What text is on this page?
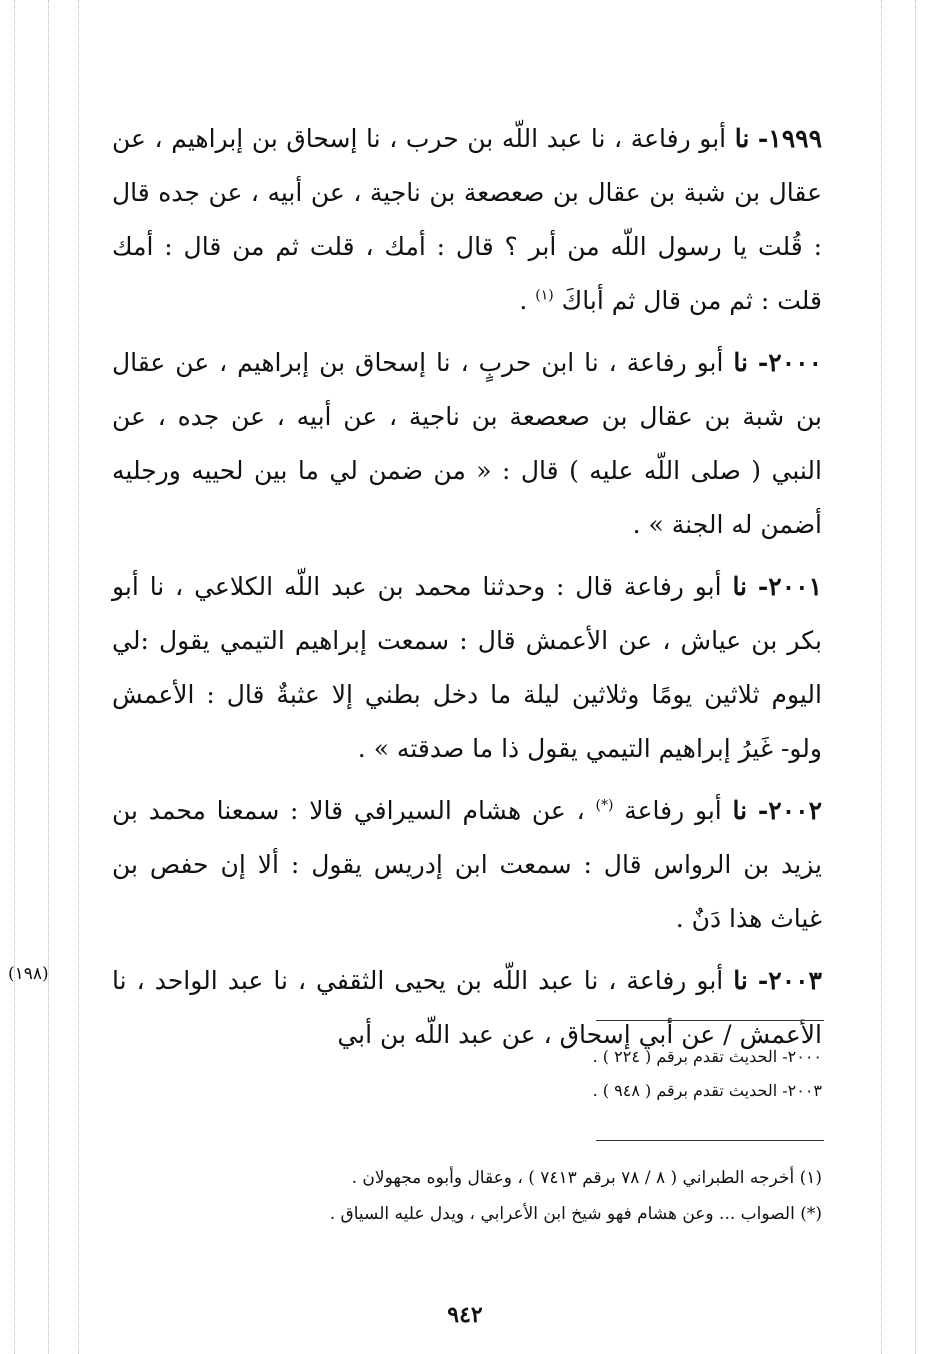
١٩٩٩- نا أبو رفاعة ، نا عبد اللّه بن حرب ، نا إسحاق بن إبراهيم ، عن عقال بن شبة بن عقال بن صعصعة بن ناجية ، عن أبيه ، عن جده قال : قُلت يا رسول اللّه من أبر ؟ قال : أمك ، قلت ثم من قال : أمك قلت : ثم من قال ثم أباكَ $^{(١)}$ .

٢٠٠٠- نا أبو رفاعة ، نا ابن حربٍ ، نا إسحاق بن إبراهيم ، عن عقال بن شبة بن عقال بن صعصعة بن ناجية ، عن أبيه ، عن جده ، عن النبي ( صلى اللّه عليه ) قال : « من ضمن لي ما بين لحييه ورجليه أضمن له الجنة » .

٢٠٠١- نا أبو رفاعة قال : وحدثنا محمد بن عبد اللّه الكلاعي ، نا أبو بكر بن عياش ، عن الأعمش قال : سمعت إبراهيم التيمي يقول :لي اليوم ثلاثين يومًا وثلاثين ليلة ما دخل بطني إلا عثبةٌ قال : الأعمش ولو- غَيرُ إبراهيم التيمي يقول ذا ما صدقته » .

٢٠٠٢- نا أبو رفاعة (*) ، عن هشام السيرافي قالا : سمعنا محمد بن يزيد بن الرواس قال : سمعت ابن إدريس يقول : ألا إن حفص بن غياث هذا دَنٌ .

٢٠٠٣- نا أبو رفاعة ، نا عبد اللّه بن يحيى الثقفي ، نا عبد الواحد ، نا الأعمش / عن أبي إسحاق ، عن عبد اللّه بن أبي

(١٩٨)
٢٠٠٠- الحديث تقدم برقم ( ٢٢٤ ) .
٢٠٠٣- الحديث تقدم برقم ( ٩٤٨ ) .
(١) أخرجه الطبراني ( ٨ / ٧٨ برقم ٧٤١٣ ) ، وعقال وأبوه مجهولان .
(*) الصواب ... وعن هشام فهو شيخ ابن الأعرابي ، ويدل عليه السياق .
٩٤٢
